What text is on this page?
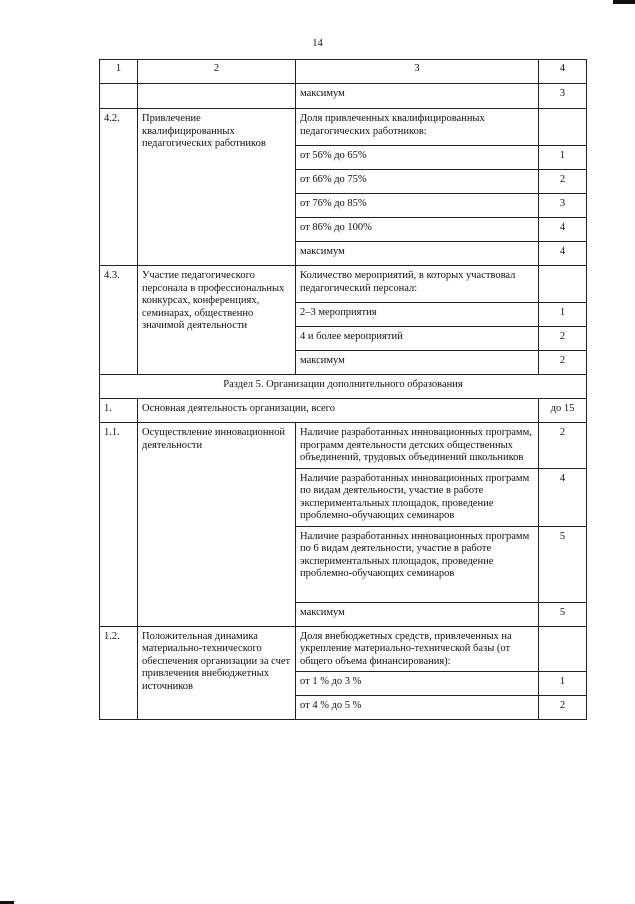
14
1	2	3	4
		максимум	3
4.2.	Привлечение квалифицированных педагогических работников	Доля привлеченных квалифицированных педагогических работников:	
		от 56% до 65%	1
		от 66% до 75%	2
		от 76% до 85%	3
		от 86% до 100%	4
		максимум	4
4.3.	Участие педагогического персонала в профессиональных конкурсах, конференциях, семинарах, общественно значимой деятельности	Количество мероприятий, в которых участвовал педагогический персонал:	
		2–3 мероприятия	1
		4 и более мероприятий	2
		максимум	2
Раздел 5. Организации дополнительного образования			
1.	Основная деятельность организации, всего		до 15
1.1.	Осуществление инновационной деятельности	Наличие разработанных инновационных программ, программ деятельности детских общественных объединений, трудовых объединений школьников	2
		Наличие разработанных инновационных программ по видам деятельности, участие в работе экспериментальных площадок, проведение проблемно-обучающих семинаров	4
		Наличие разработанных инновационных программ по 6 видам деятельности, участие в работе экспериментальных площадок, проведение проблемно-обучающих семинаров	5
		максимум	5
1.2.	Положительная динамика материально-технического обеспечения организации за счет привлечения внебюджетных источников	Доля внебюджетных средств, привлеченных на укрепление материально-технической базы (от общего объема финансирования):	
		от 1 % до 3 %	1
		от 4 % до 5 %	2
